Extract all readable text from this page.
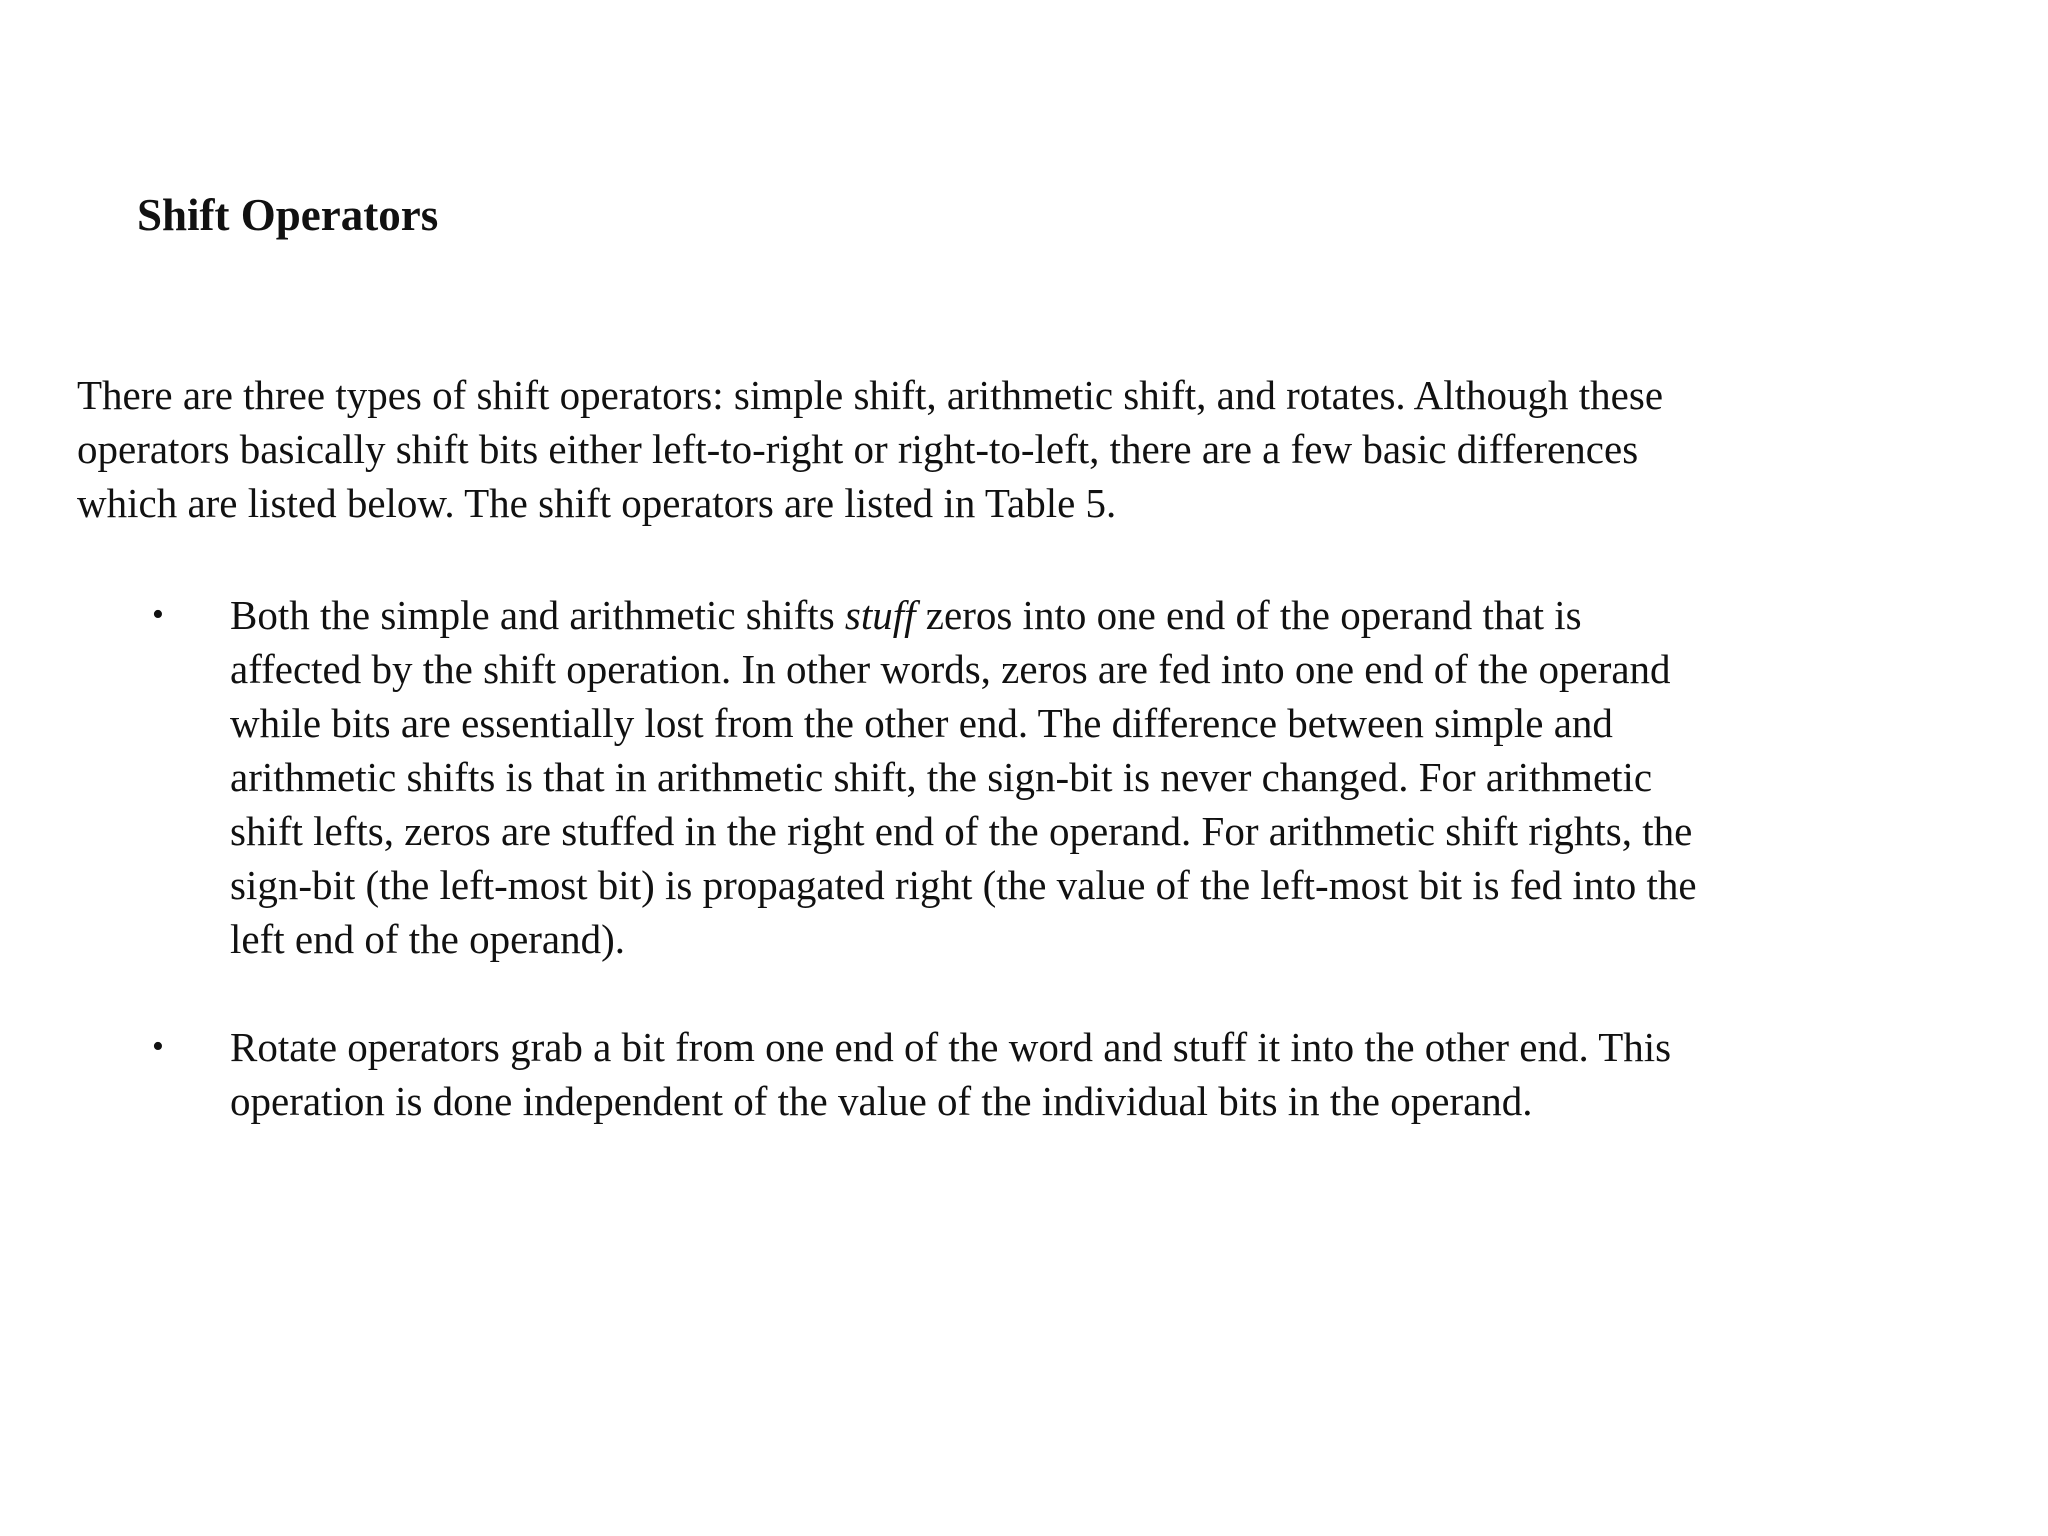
Shift Operators

There are three types of shift operators: simple shift, arithmetic shift, and rotates. Although these
operators basically shift bits either left-to-right or right-to-left, there are a few basic differences
which are listed below. The shift operators are listed in Table 5.

• Both the simple and arithmetic shifts stuff zeros into one end of the operand that is
affected by the shift operation. In other words, zeros are fed into one end of the operand
while bits are essentially lost from the other end. The difference between simple and
arithmetic shifts is that in arithmetic shift, the sign-bit is never changed. For arithmetic
shift lefts, zeros are stuffed in the right end of the operand. For arithmetic shift rights, the
sign-bit (the left-most bit) is propagated right (the value of the left-most bit is fed into the
left end of the operand).
• Rotate operators grab a bit from one end of the word and stuff it into the other end. This
operation is done independent of the value of the individual bits in the operand.
